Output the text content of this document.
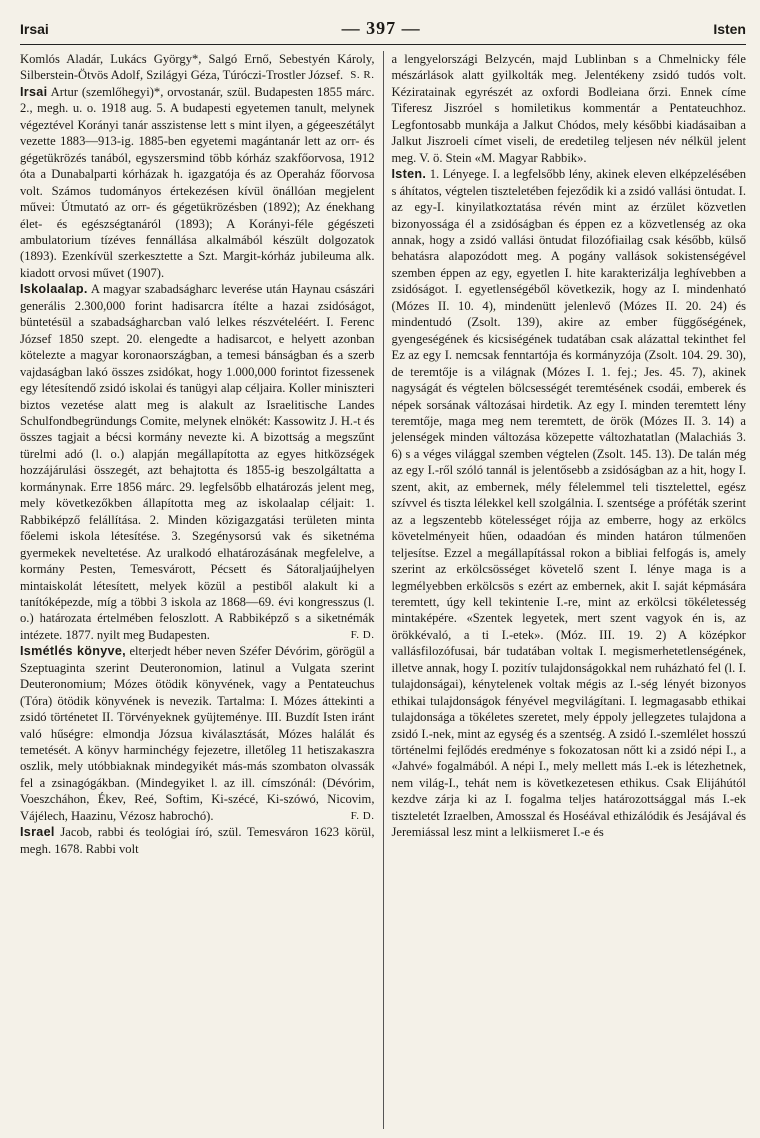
Irsai	— 397 —	Isten

Komlós Aladár, Lukács György*, Salgó Ernő, Sebestyén Károly, Silberstein-Ötvös Adolf, Szilágyi Géza, Túróczi-Trostler József. S. R.

Irsai Artur (szemlőhegyi)*, orvostanár, szül. Budapesten 1855 márc. 2., megh. u. o. 1918 aug. 5. A budapesti egyetemen tanult, melynek végeztével Korányi tanár asszistense lett s mint ilyen, a gégeeszétályt vezette 1883—913-ig. 1885-ben egyetemi magántanár lett az orr- és gégetükrözés tanából, egyszersmind több kórház szakfőorvosa, 1912 óta a Dunabalparti kórházak h. igazgatója és az Operaház főorvosa volt. Számos tudományos értekezésen kívül önállóan megjelent művei: Útmutató az orr- és gégetükrözésben (1892); Az énekhang élet- és egészségtanáról (1893); A Korányi-féle gégészeti ambulatorium tízéves fennállása alkalmából készült dolgozatok (1893). Ezenkívül szerkesztette a Szt. Margit-kórház jubileuma alk. kiadott orvosi művet (1907).

Iskolaalap. A magyar szabadságharc leverése után Haynau császári generális 2.300,000 forint hadisarcra ítélte a hazai zsidóságot, büntetésül a szabadságharcban való lelkes részvételéért. I. Ferenc József 1850 szept. 20. elengedte a hadisarcot, e helyett azonban kötelezte a magyar koronaországban, a temesi bánságban és a szerb vajdaságban lakó összes zsidókat, hogy 1.000,000 forintot fizessenek egy létesítendő zsidó iskolai és tanügyi alap céljaira. Koller miniszteri biztos vezetése alatt meg is alakult az Israelitische Landes Schulfondbegründungs Comite, melynek elnökét: Kassowitz J. H.-t és összes tagjait a bécsi kormány nevezte ki. A bizottság a megszűnt türelmi adó (l. o.) alapján megállapította az egyes hitközségek hozzájárulási összegét, azt behajtotta és 1855-ig beszolgáltatta a kormánynak. Erre 1856 márc. 29. legfelsőbb elhatározás jelent meg, mely következőkben állapította meg az iskolaalap céljait: 1. Rabbiképző felállítása. 2. Minden közigazgatási területen minta főelemi iskola létesítése. 3. Szegénysorsú vak és siketnéma gyermekek neveltetése. Az uralkodó elhatározásának megfelelve, a kormány Pesten, Temesvárott, Pécsett és Sátoraljaújhelyen mintaiskolát létesített, melyek közül a pestiből alakult ki a tanítóképezde, míg a többi 3 iskola az 1868—69. évi kongresszus (l. o.) határozata értelmében feloszlott. A Rabbiképző s a siketnémák intézete. 1877. nyilt meg Budapesten.	F. D.

Ismétlés könyve, elterjedt héber neven Széfer Dévórim, görögül a Szeptuaginta szerint Deuteronomion, latinul a Vulgata szerint Deuteronomium; Mózes ötödik könyvének, vagy a Pentateuchus (Tóra) ötödik könyvének is nevezik. Tartalma: I. Mózes áttekinti a zsidó történetet II. Törvényeknek gyüjteménye. III. Buzdít Isten iránt való hűségre: elmondja Józsua kiválasztását, Mózes halálát és temetését. A könyv harminchégy fejezetre, illetőleg 11 hetiszakaszra oszlik, mely utóbbiaknak mindegyikét más-más szombaton olvassák fel a zsinagógákban. (Mindegyiket l. az ill. címszónál: (Dévórim, Voeszcháhon, Ékev, Reé, Softim, Ki-szécé, Ki-szówó, Nicovim, Vájélech, Haazinu, Vézosz habrochó).	F. D.

Israel Jacob, rabbi és teológiai író, szül. Temesváron 1623 körül, megh. 1678. Rabbi volt

a lengyelországi Belzycén, majd Lublinban s a Chmelnicky féle mészárlások alatt gyilkolták meg. Jelentékeny zsidó tudós volt. Kéziratainak egyrészét az oxfordi Bodleiana őrzi. Ennek címe Tiferesz Jiszróel s homiletikus kommentár a Pentateuchhoz. Legfontosabb munkája a Jalkut Chódos, mely későbbi kiadásaiban a Jalkut Jiszroeli címet viseli, de eredetileg teljesen név nélkül jelent meg. V. ö. Stein «M. Magyar Rabbik».

Isten. 1. Lényege. I. a legfelsőbb lény, akinek eleven elképzelésében s áhítatos, végtelen tiszteletében fejeződik ki a zsidó vallási öntudat. I. az egy-I. kinyilatkoztatása révén mint az érzület közvetlen bizonyossága él a zsidóságban és éppen ez a közvetlenség az oka annak, hogy a zsidó vallási öntudat filozófiailag csak később, külső behatásra alapozódott meg. A pogány vallások sokistenségével szemben éppen az egy, egyetlen I. hite karakterizálja leghívebben a zsidóságot. I. egyetlenségéből következik, hogy az I. mindenható (Mózes II. 10. 4), mindenütt jelenlevő (Mózes II. 20. 24) és mindentudó (Zsolt. 139), akire az ember függőségének, gyengeségének és kicsiségének tudatában csak alázattal tekinthet fel Ez az egy I. nemcsak fenntartója és kormányzója (Zsolt. 104. 29. 30), de teremtője is a világnak (Mózes I. 1. fej.; Jes. 45. 7), akinek nagyságát és végtelen bölcsességét teremtésének csodái, emberek és népek sorsának változásai hirdetik. Az egy I. minden teremtett lény teremtője, maga meg nem teremtett, de örök (Mózes II. 3. 14) a jelenségek minden változása közepette változhatatlan (Malachiás 3. 6) s a véges világgal szemben végtelen (Zsolt. 145. 13). De talán még az egy I.-ről szóló tannál is jelentősebb a zsidóságban az a hit, hogy I. szent, akit, az embernek, mély félelemmel teli tisztelettel, egész szívvel és tiszta lélekkel kell szolgálnia. I. szentsége a próféták szerint az a legszentebb kötelességet rójja az emberre, hogy az erkölcs követelményeit hűen, odaadóan és minden határon túlmenően teljesítse. Ezzel a megállapítással rokon a bibliai felfogás is, amely szerint az erkölcsösséget követelő szent I. lénye maga is a legmélyebben erkölcsös s ezért az embernek, akit I. saját képmására teremtett, úgy kell tekintenie I.-re, mint az erkölcsi tökéletesség mintaképére. «Szentek legyetek, mert szent vagyok én is, az örökkévaló, a ti I.-etek». (Móz. III. 19. 2) A középkor vallásfilozófusai, bár tudatában voltak I. megismerhetetlenségének, illetve annak, hogy I. pozitív tulajdonságokkal nem ruházható fel (l. I. tulajdonságai), kénytelenek voltak mégis az I.-ség lényét bizonyos ethikai tulajdonságok fényével megvilágítani. I. legmagasabb ethikai tulajdonsága a tökéletes szeretet, mely éppoly jellegzetes tulajdona a zsidó I.-nek, mint az egység és a szentség. A zsidó I.-szemlélet hosszú történelmi fejlődés eredménye s fokozatosan nőtt ki a zsidó népi I., a «Jahvé» fogalmából. A népi I., mely mellett más I.-ek is létezhetnek, nem világ-I., tehát nem is következetesen ethikus. Csak Elijáhútól kezdve zárja ki az I. fogalma teljes határozottsággal más I.-ek tiszteletét Izraelben, Amosszal és Hoséával ethizálódik és Jesájával és Jeremiással lesz mint a lelkiismeret I.-e és
